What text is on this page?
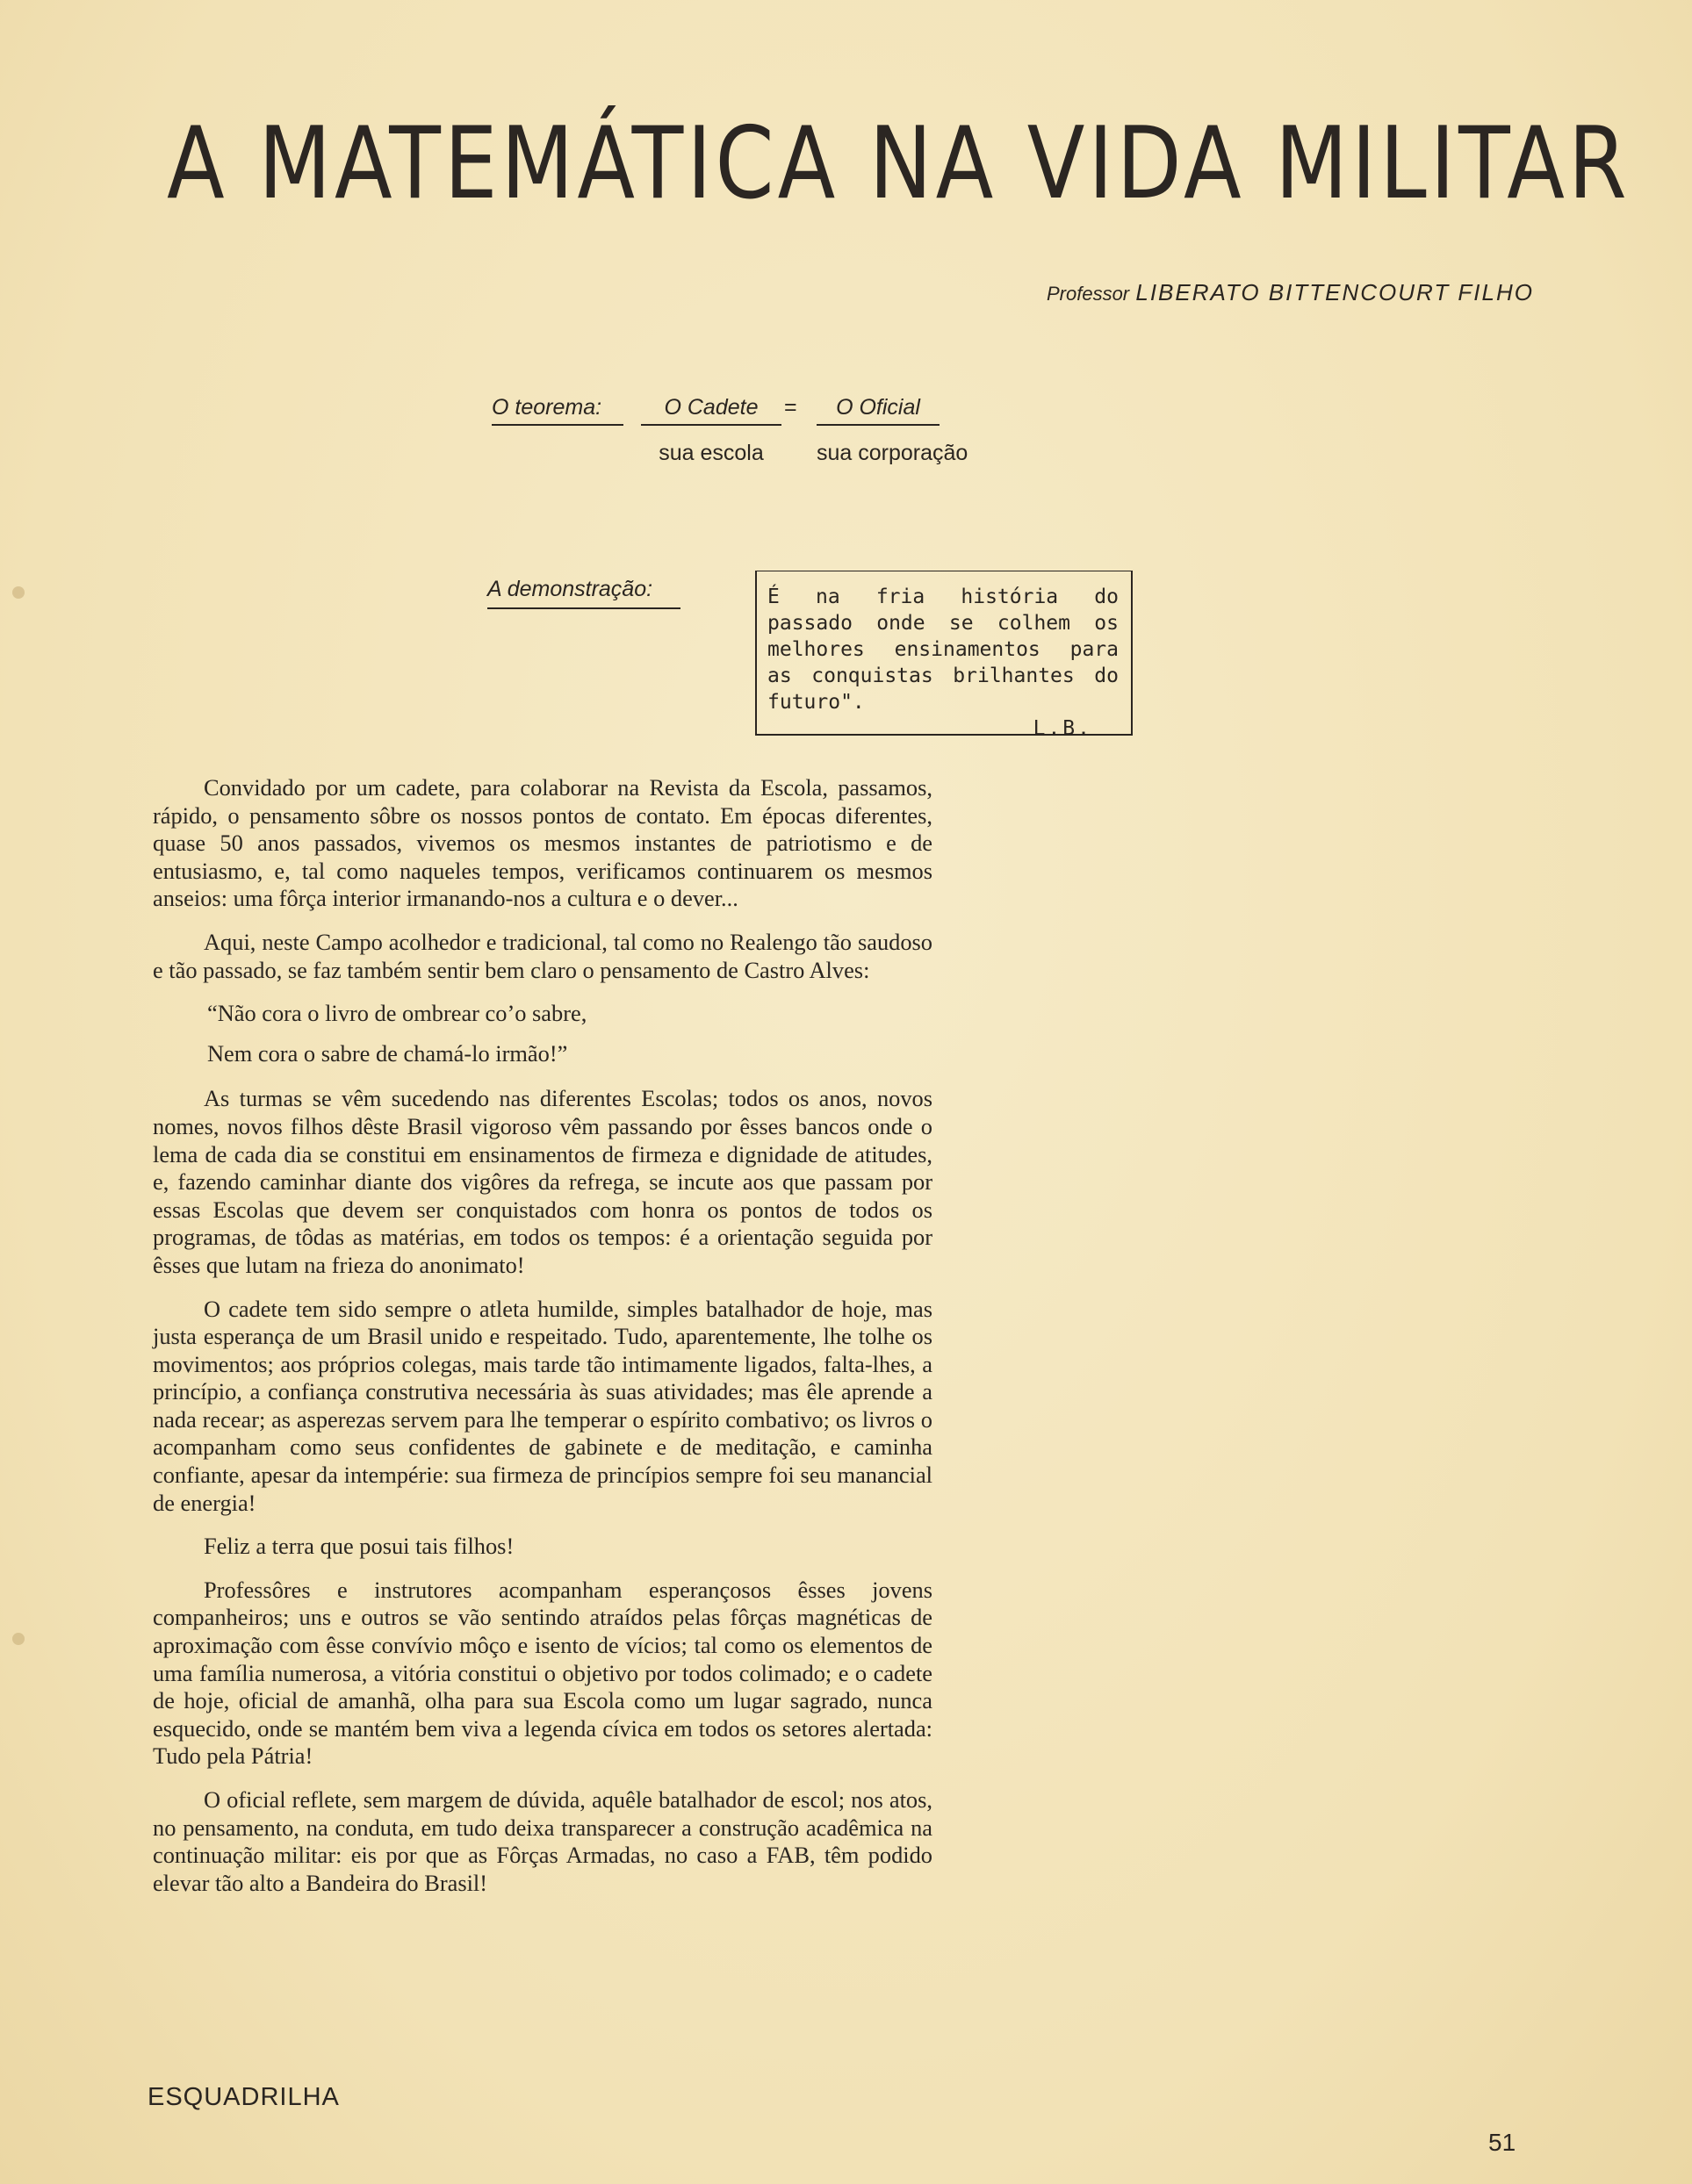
A MATEMÁTICA NA VIDA MILITAR
Professor LIBERATO BITTENCOURT FILHO
O teorema:	O Cadete	=	O Oficial
sua escola	sua corporação
A demonstração:	É na fria história do passado onde se colhem os melhores ensinamentos para as conquistas brilhantes do futuro".
L.B.

Convidado por um cadete, para colaborar na Revista da Escola, passamos, rápido, o pensamento sôbre os nossos pontos de contato. Em épocas diferentes, quase 50 anos passados, vivemos os mesmos instantes de patriotismo e de entusiasmo, e, tal como naqueles tempos, verificamos continuarem os mesmos anseios: uma fôrça interior irmanando-nos a cultura e o dever...

Aqui, neste Campo acolhedor e tradicional, tal como no Realengo tão saudoso e tão passado, se faz também sentir bem claro o pensamento de Castro Alves:

“Não cora o livro de ombrear co’o sabre,

Nem cora o sabre de chamá-lo irmão!”

As turmas se vêm sucedendo nas diferentes Escolas; todos os anos, novos nomes, novos filhos dêste Brasil vigoroso vêm passando por êsses bancos onde o lema de cada dia se constitui em ensinamentos de firmeza e dignidade de atitudes, e, fazendo caminhar diante dos vigôres da refrega, se incute aos que passam por essas Escolas que devem ser conquistados com honra os pontos de todos os programas, de tôdas as matérias, em todos os tempos: é a orientação seguida por êsses que lutam na frieza do anonimato!

O cadete tem sido sempre o atleta humilde, simples batalhador de hoje, mas justa esperança de um Brasil unido e respeitado. Tudo, aparentemente, lhe tolhe os movimentos; aos próprios colegas, mais tarde tão intimamente ligados, falta-lhes, a princípio, a confiança construtiva necessária às suas atividades; mas êle aprende a nada recear; as asperezas servem para lhe temperar o espírito combativo; os livros o acompanham como seus confidentes de gabinete e de meditação, e caminha confiante, apesar da intempérie: sua firmeza de princípios sempre foi seu manancial de energia!

Feliz a terra que posui tais filhos!

Professôres e instrutores acompanham esperançosos êsses jovens companheiros; uns e outros se vão sentindo atraídos pelas fôrças magnéticas de aproximação com êsse convívio môço e isento de vícios; tal como os elementos de uma família numerosa, a vitória constitui o objetivo por todos colimado; e o cadete de hoje, oficial de amanhã, olha para sua Escola como um lugar sagrado, nunca esquecido, onde se mantém bem viva a legenda cívica em todos os setores alertada: Tudo pela Pátria!

O oficial reflete, sem margem de dúvida, aquêle batalhador de escol; nos atos, no pensamento, na conduta, em tudo deixa transparecer a construção acadêmica na continuação militar: eis por que as Fôrças Armadas, no caso a FAB, têm podido elevar tão alto a Bandeira do Brasil!

ESQUADRILHA
51
